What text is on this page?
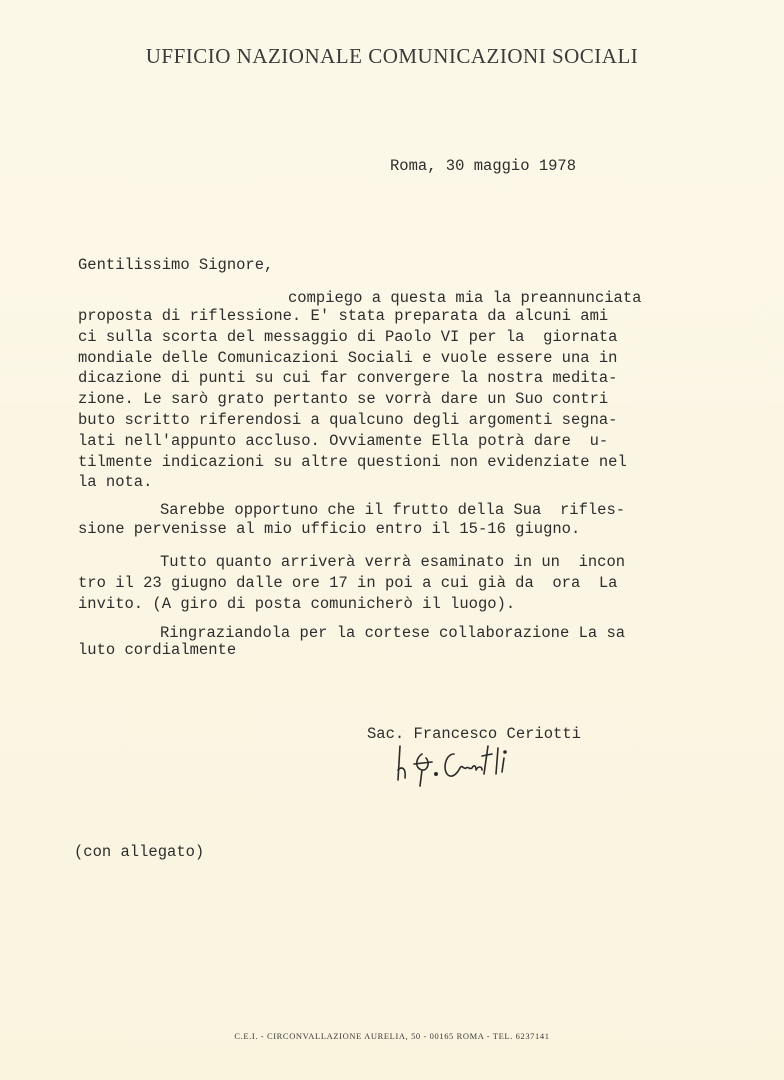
UFFICIO NAZIONALE COMUNICAZIONI SOCIALI
Roma, 30 maggio 1978
Gentilissimo Signore,
compiego a questa mia la preannunciata
proposta di riflessione. E' stata preparata da alcuni ami
ci sulla scorta del messaggio di Paolo VI per la  giornata
mondiale delle Comunicazioni Sociali e vuole essere una in
dicazione di punti su cui far convergere la nostra medita-
zione. Le sarò grato pertanto se vorrà dare un Suo contri
buto scritto riferendosi a qualcuno degli argomenti segna-
lati nell'appunto accluso. Ovviamente Ella potrà dare  u-
tilmente indicazioni su altre questioni non evidenziate nel
la nota.
Sarebbe opportuno che il frutto della Sua  rifles-
sione pervenisse al mio ufficio entro il 15-16 giugno.
Tutto quanto arriverà verrà esaminato in un  incon
tro il 23 giugno dalle ore 17 in poi a cui già da  ora  La
invito. (A giro di posta comunicherò il luogo).
Ringraziandola per la cortese collaborazione La sa
luto cordialmente
Sac. Francesco Ceriotti
(con allegato)
C.E.I. - CIRCONVALLAZIONE AURELIA, 50 - 00165 ROMA - TEL. 6237141
